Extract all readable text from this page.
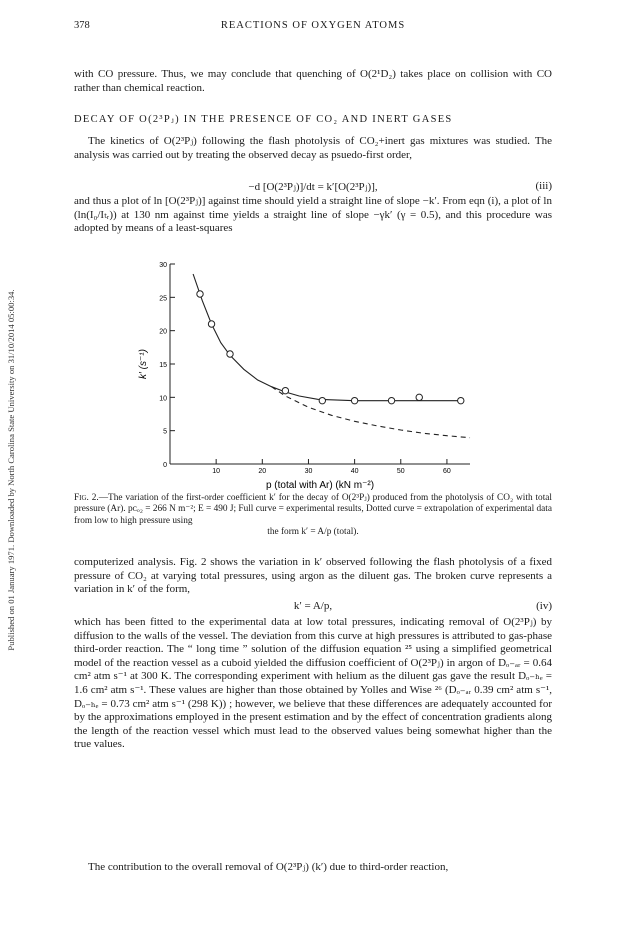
Published on 01 January 1971. Downloaded by North Carolina State University on 31/10/2014 05:00:34.
378	REACTIONS OF OXYGEN ATOMS

with CO pressure. Thus, we may conclude that quenching of O(2¹D₂) takes place on collision with CO rather than chemical reaction.

DECAY OF O(2³Pⱼ) IN THE PRESENCE OF CO₂ AND INERT GASES

The kinetics of O(2³Pⱼ) following the flash photolysis of CO₂+inert gas mixtures was studied. The analysis was carried out by treating the observed decay as psuedo-first order,

−d [O(2³Pⱼ)]/dt = k′[O(2³Pⱼ)],	(iii)

and thus a plot of ln [O(2³Pⱼ)] against time should yield a straight line of slope −k′. From eqn (i), a plot of ln (ln(I₀/Iₜᵣ)) at 130 nm against time yields a straight line of slope −γk′ (γ = 0.5), and this procedure was adopted by means of a least-squares

30
25
20
15
10
5
0
10	20	30	40	50	60
k′ (s⁻¹)
p (total with Ar) (kN m⁻²)
Fig. 2.—The variation of the first-order coefficient k′ for the decay of O(2³Pⱼ) produced from the photolysis of CO₂ with total pressure (Ar). pᴄₒ₂ = 266 N m⁻²; E = 490 J; Full curve = experimental results, Dotted curve = extrapolation of experimental data from low to high pressure using
the form k′ = A/p (total).

computerized analysis. Fig. 2 shows the variation in k′ observed following the flash photolysis of a fixed pressure of CO₂ at varying total pressures, using argon as the diluent gas. The broken curve represents a variation in k′ of the form,

k′ = A/p,	(iv)

which has been fitted to the experimental data at low total pressures, indicating removal of O(2³Pⱼ) by diffusion to the walls of the vessel. The deviation from this curve at high pressures is attributed to gas-phase third-order reaction. The “ long time ” solution of the diffusion equation ²⁵ using a simplified geometrical model of the reaction vessel as a cuboid yielded the diffusion coefficient of O(2³Pⱼ) in argon of Dₒ₋ₐᵣ = 0.64 cm² atm s⁻¹ at 300 K. The corresponding experiment with helium as the diluent gas gave the result Dₒ₋ₕₑ = 1.6 cm² atm s⁻¹. These values are higher than those obtained by Yolles and Wise ²⁶ (Dₒ₋ₐᵣ 0.39 cm² atm s⁻¹, Dₒ₋ₕₑ = 0.73 cm² atm s⁻¹ (298 K)) ; however, we believe that these differences are adequately accounted for by the approximations employed in the present estimation and by the effect of concentration gradients along the length of the reaction vessel which must lead to the observed values being somewhat higher than the true values.

The contribution to the overall removal of O(2³Pⱼ) (k′) due to third-order reaction,
